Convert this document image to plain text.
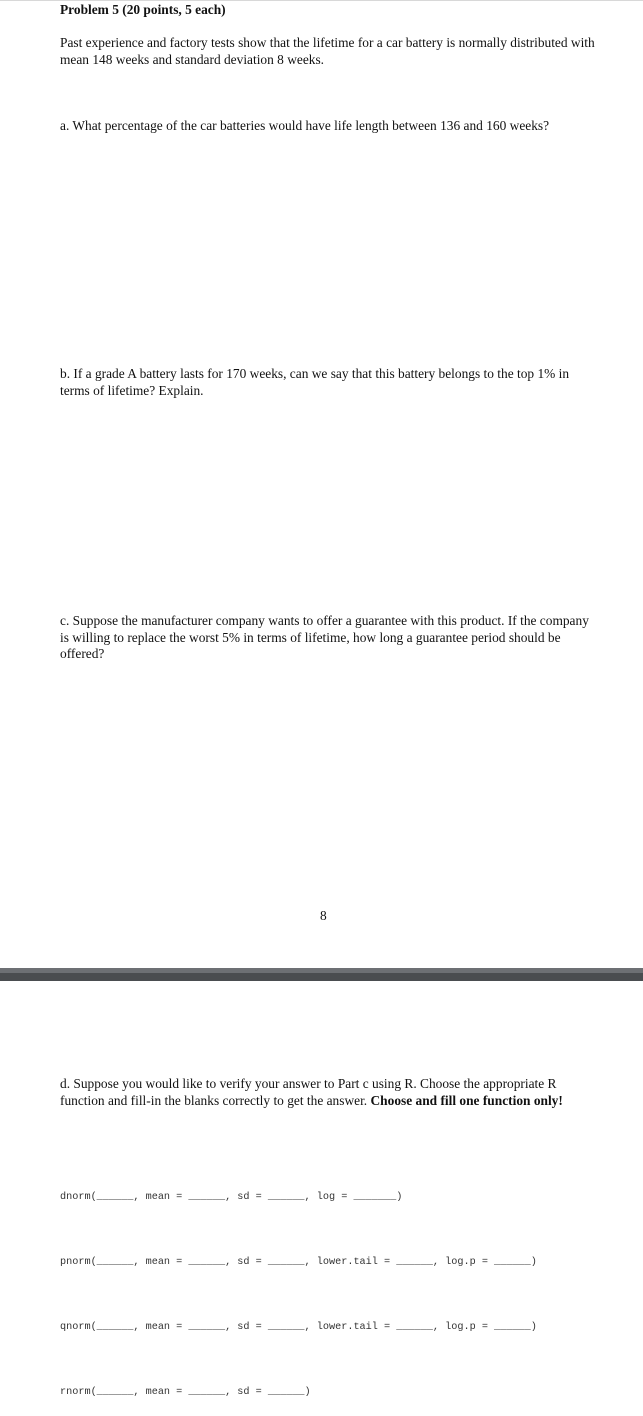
Problem 5 (20 points, 5 each)
Past experience and factory tests show that the lifetime for a car battery is normally distributed with mean 148 weeks and standard deviation 8 weeks.
a. What percentage of the car batteries would have life length between 136 and 160 weeks?
b. If a grade A battery lasts for 170 weeks, can we say that this battery belongs to the top 1% in terms of lifetime? Explain.
c. Suppose the manufacturer company wants to offer a guarantee with this product. If the company is willing to replace the worst 5% in terms of lifetime, how long a guarantee period should be offered?
8
d. Suppose you would like to verify your answer to Part c using R. Choose the appropriate R function and fill-in the blanks correctly to get the answer. Choose and fill one function only!
dnorm(______, mean = ______, sd = ______, log = _______)
pnorm(______, mean = ______, sd = ______, lower.tail = ______, log.p = ______)
qnorm(______, mean = ______, sd = ______, lower.tail = ______, log.p = ______)
rnorm(______, mean = ______, sd = ______)
